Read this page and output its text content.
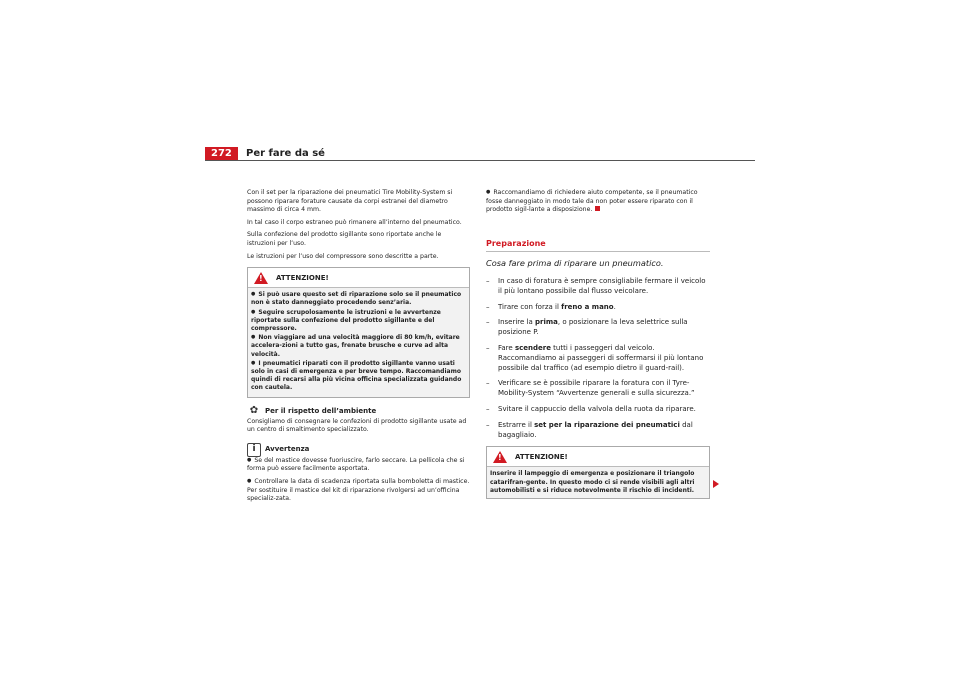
272	Per fare da sé

Con il set per la riparazione dei pneumatici Tire Mobility-System si possono riparare forature causate da corpi estranei del diametro massimo di circa 4 mm.

In tal caso il corpo estraneo può rimanere all’interno del pneumatico.

Sulla confezione del prodotto sigillante sono riportate anche le istruzioni per l’uso.

Le istruzioni per l’uso del compressore sono descritte a parte.

! ATTENZIONE!
● Si può usare questo set di riparazione solo se il pneumatico non è stato danneggiato procedendo senz’aria.
● Seguire scrupolosamente le istruzioni e le avvertenze riportate sulla confezione del prodotto sigillante e del compressore.
● Non viaggiare ad una velocità maggiore di 80 km/h, evitare accelera-zioni a tutto gas, frenate brusche e curve ad alta velocità.
● I pneumatici riparati con il prodotto sigillante vanno usati solo in casi di emergenza e per breve tempo. Raccomandiamo quindi di recarsi alla più vicina officina specializzata guidando con cautela.
✿ Per il rispetto dell’ambiente

Consigliamo di consegnare le confezioni di prodotto sigillante usate ad un centro di smaltimento specializzato.

i	Avvertenza

● Se del mastice dovesse fuoriuscire, farlo seccare. La pellicola che si forma può essere facilmente asportata.

● Controllare la data di scadenza riportata sulla bomboletta di mastice. Per sostituire il mastice del kit di riparazione rivolgersi ad un’officina specializ-zata.

● Raccomandiamo di richiedere aiuto competente, se il pneumatico fosse danneggiato in modo tale da non poter essere riparato con il prodotto sigil-lante a disposizione.

Preparazione
Cosa fare prima di riparare un pneumatico.
–	In caso di foratura è sempre consigliabile fermare il veicolo il più lontano possibile dal flusso veicolare.
–	Tirare con forza il freno a mano.
–	Inserire la prima, o posizionare la leva selettrice sulla posizione P.
–	Fare scendere tutti i passeggeri dal veicolo. Raccomandiamo ai passeggeri di soffermarsi il più lontano possibile dal traffico (ad esempio dietro il guard-rail).
–	Verificare se è possibile riparare la foratura con il Tyre-Mobility-System “Avvertenze generali e sulla sicurezza.”
–	Svitare il cappuccio della valvola della ruota da riparare.
–	Estrarre il set per la riparazione dei pneumatici dal bagagliaio.
! ATTENZIONE!
Inserire il lampeggio di emergenza e posizionare il triangolo catarifran-gente. In questo modo ci si rende visibili agli altri automobilisti e si riduce notevolmente il rischio di incidenti.
